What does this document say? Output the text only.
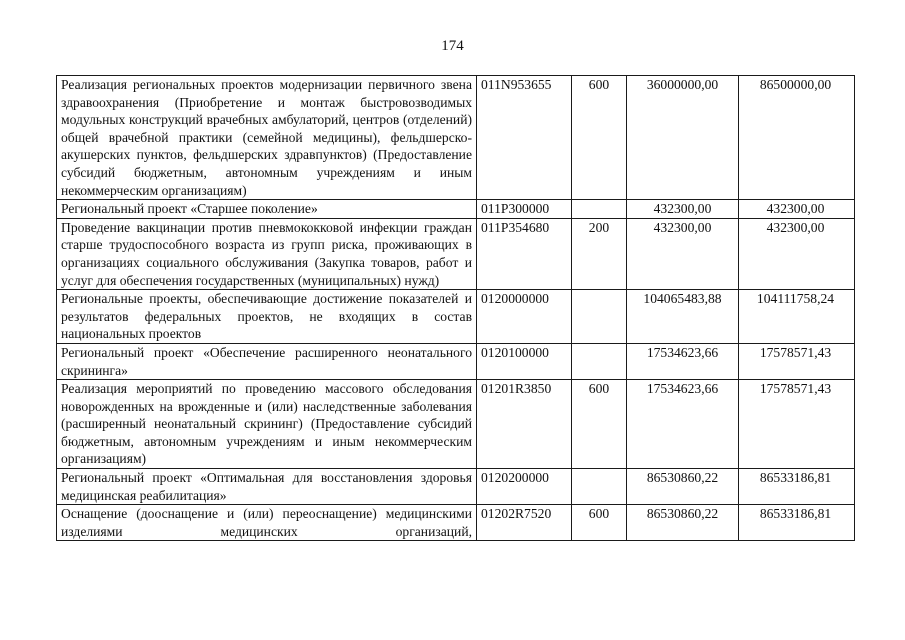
174
Реализация региональных проектов модернизации первичного звена здравоохранения (Приобретение и монтаж быстровозводимых модульных конструкций врачебных амбулаторий, центров (отделений) общей врачебной практики (семейной медицины), фельдшерско-акушерских пунктов, фельдшерских здравпунктов) (Предоставление субсидий бюджетным, автономным учреждениям и иным некоммерческим организациям)	011N953655	600	36000000,00	86500000,00
Региональный проект «Старшее поколение»	011P300000		432300,00	432300,00
Проведение вакцинации против пневмококковой инфекции граждан старше трудоспособного возраста из групп риска, проживающих в организациях социального обслуживания (Закупка товаров, работ и услуг для обеспечения государственных (муниципальных) нужд)	011P354680	200	432300,00	432300,00
Региональные проекты, обеспечивающие достижение показателей и результатов федеральных проектов, не входящих в состав национальных проектов	0120000000		104065483,88	104111758,24
Региональный проект «Обеспечение расширенного неонатального скрининга»	0120100000		17534623,66	17578571,43
Реализация мероприятий по проведению массового обследования новорожденных на врожденные и (или) наследственные заболевания (расширенный неонатальный скрининг) (Предоставление субсидий бюджетным, автономным учреждениям и иным некоммерческим организациям)	01201R3850	600	17534623,66	17578571,43
Региональный проект «Оптимальная для восстановления здоровья медицинская реабилитация»	0120200000		86530860,22	86533186,81
Оснащение (дооснащение и (или) переоснащение) медицинскими изделиями медицинских организаций,	01202R7520	600	86530860,22	86533186,81
